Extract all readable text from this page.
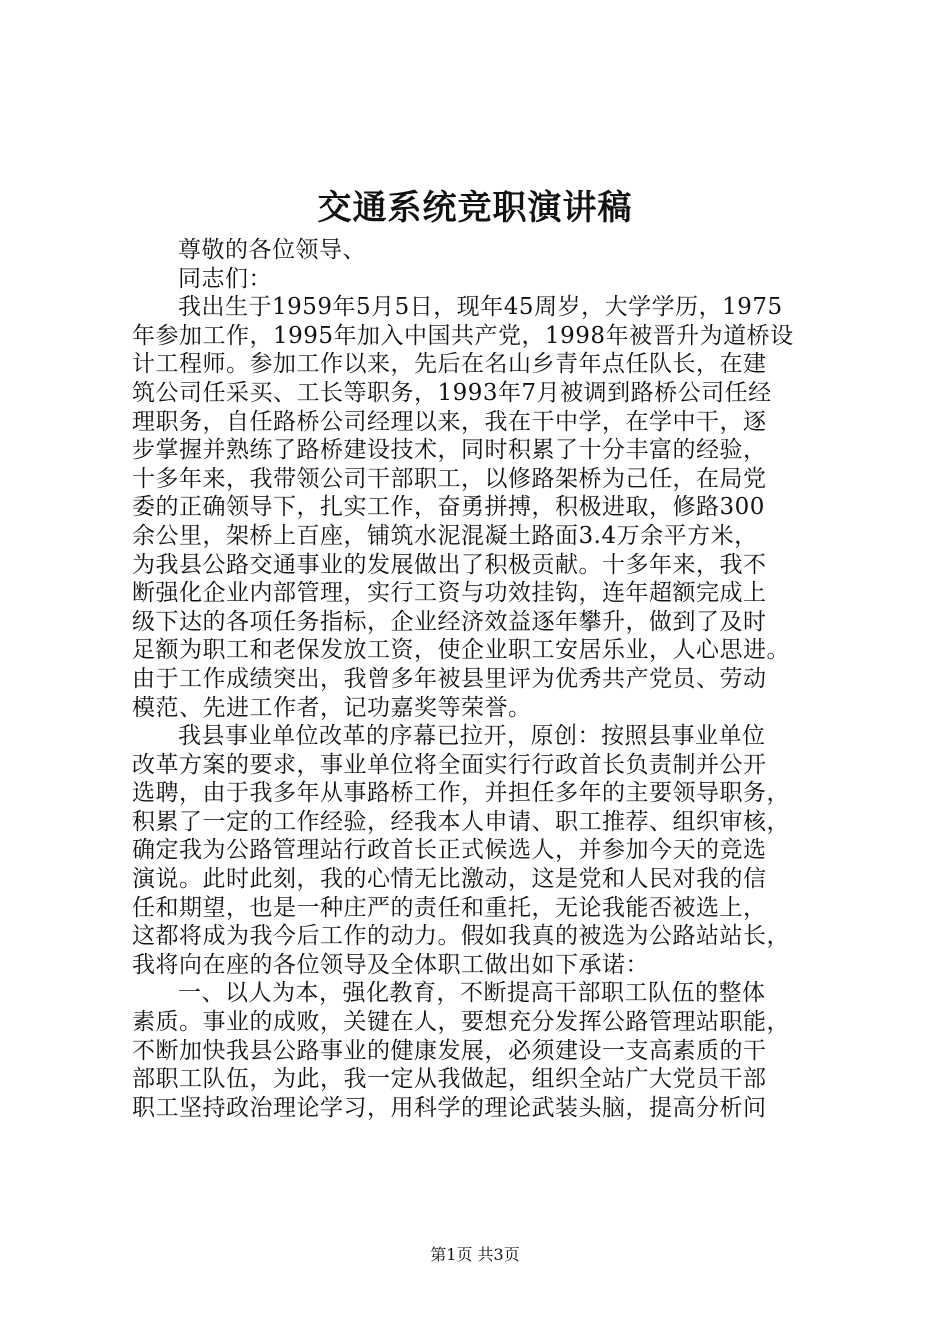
交通系统竞职演讲稿

尊敬的各位领导、

同志们：

我出生于1959年5月5日，现年45周岁，大学学历，1975

年参加工作，1995年加入中国共产党，1998年被晋升为道桥设

计工程师。参加工作以来，先后在名山乡青年点任队长，在建

筑公司任采买、工长等职务，1993年7月被调到路桥公司任经

理职务，自任路桥公司经理以来，我在干中学，在学中干，逐

步掌握并熟练了路桥建设技术，同时积累了十分丰富的经验，

十多年来，我带领公司干部职工，以修路架桥为己任，在局党

委的正确领导下，扎实工作，奋勇拼搏，积极进取，修路300

余公里，架桥上百座，铺筑水泥混凝土路面3.4万余平方米，

为我县公路交通事业的发展做出了积极贡献。十多年来，我不

断强化企业内部管理，实行工资与功效挂钩，连年超额完成上

级下达的各项任务指标，企业经济效益逐年攀升，做到了及时

足额为职工和老保发放工资，使企业职工安居乐业，人心思进。

由于工作成绩突出，我曾多年被县里评为优秀共产党员、劳动

模范、先进工作者，记功嘉奖等荣誉。

我县事业单位改革的序幕已拉开，原创：按照县事业单位

改革方案的要求，事业单位将全面实行行政首长负责制并公开

选聘，由于我多年从事路桥工作，并担任多年的主要领导职务，

积累了一定的工作经验，经我本人申请、职工推荐、组织审核，

确定我为公路管理站行政首长正式候选人，并参加今天的竞选

演说。此时此刻，我的心情无比激动，这是党和人民对我的信

任和期望，也是一种庄严的责任和重托，无论我能否被选上，

这都将成为我今后工作的动力。假如我真的被选为公路站站长，

我将向在座的各位领导及全体职工做出如下承诺：

一、以人为本，强化教育，不断提高干部职工队伍的整体

素质。事业的成败，关键在人，要想充分发挥公路管理站职能，

不断加快我县公路事业的健康发展，必须建设一支高素质的干

部职工队伍，为此，我一定从我做起，组织全站广大党员干部

职工坚持政治理论学习，用科学的理论武装头脑，提高分析问

第1页 共3页
